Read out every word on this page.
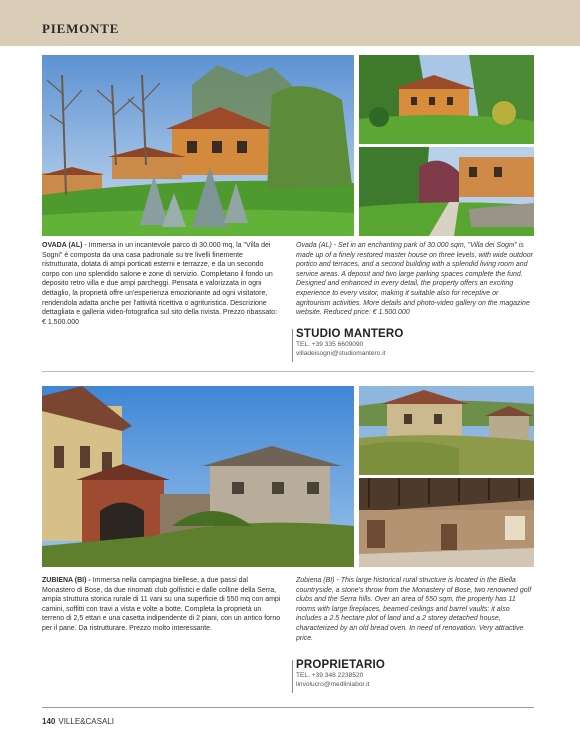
PIEMONTE
OVADA (AL) - Immersa in un incantevole parco di 30.000 mq, la "Villa dei Sogni" è composta da una casa padronale su tre livelli finemente ristrutturata, dotata di ampi porticati esterni e terrazze, e da un secondo corpo con uno splendido salone e zone di servizio. Completano il fondo un deposito retro villa e due ampi parcheggi. Pensata e valorizzata in ogni dettaglio, la proprietà offre un'esperienza emozionante ad ogni visitatore, rendendola adatta anche per l'attività ricettiva o agrituristica. Descrizione dettagliata e galleria video-fotografica sul sito della rivista. Prezzo ribassato: € 1.500.000
Ovada (AL) - Set in an enchanting park of 30.000 sqm, "Villa dei Sogni" is made up of a finely restored master house on three levels, with wide outdoor portico and terraces, and a second building with a splendid living room and service areas. A deposit and two large parking spaces complete the fund. Designed and enhanced in every detail, the property offers an exciting experience to every visitor, making it suitable also for receptive or agritourism activities. More details and photo-video gallery on the magazine website. Reduced price: € 1.500.000
STUDIO MANTERO
TEL. +39 335 6609090
villadeisogni@studiomantero.it
ZUBIENA (BI) - Immersa nella campagna biellese, a due passi dal Monastero di Bose, da due rinomati club golfistici e dalle colline della Serra, ampia struttura storica rurale di 11 vani su una superficie di 550 mq con ampi camini, soffitti con travi a vista e volte a botte. Completa la proprietà un terreno di 2,5 ettari e una casetta indipendente di 2 piani, con un antico forno per il pane. Da ristrutturare. Prezzo molto interessante.
Zubiena (BI) - This large historical rural structure is located in the Biella countryside, a stone's throw from the Monastery of Bose, two renowned golf clubs and the Serra hills. Over an area of 550 sqm, the property has 11 rooms with large fireplaces, beamed ceilings and barrel vaults: it also includes a 2.5 hectare plot of land and a 2 storey detached house, characterized by an old bread oven. In need of renovation. Very attractive price.
PROPRIETARIO
TEL. +39 348 2238520
linvolucro@medlinlabor.it
140 VILLE&CASALI
